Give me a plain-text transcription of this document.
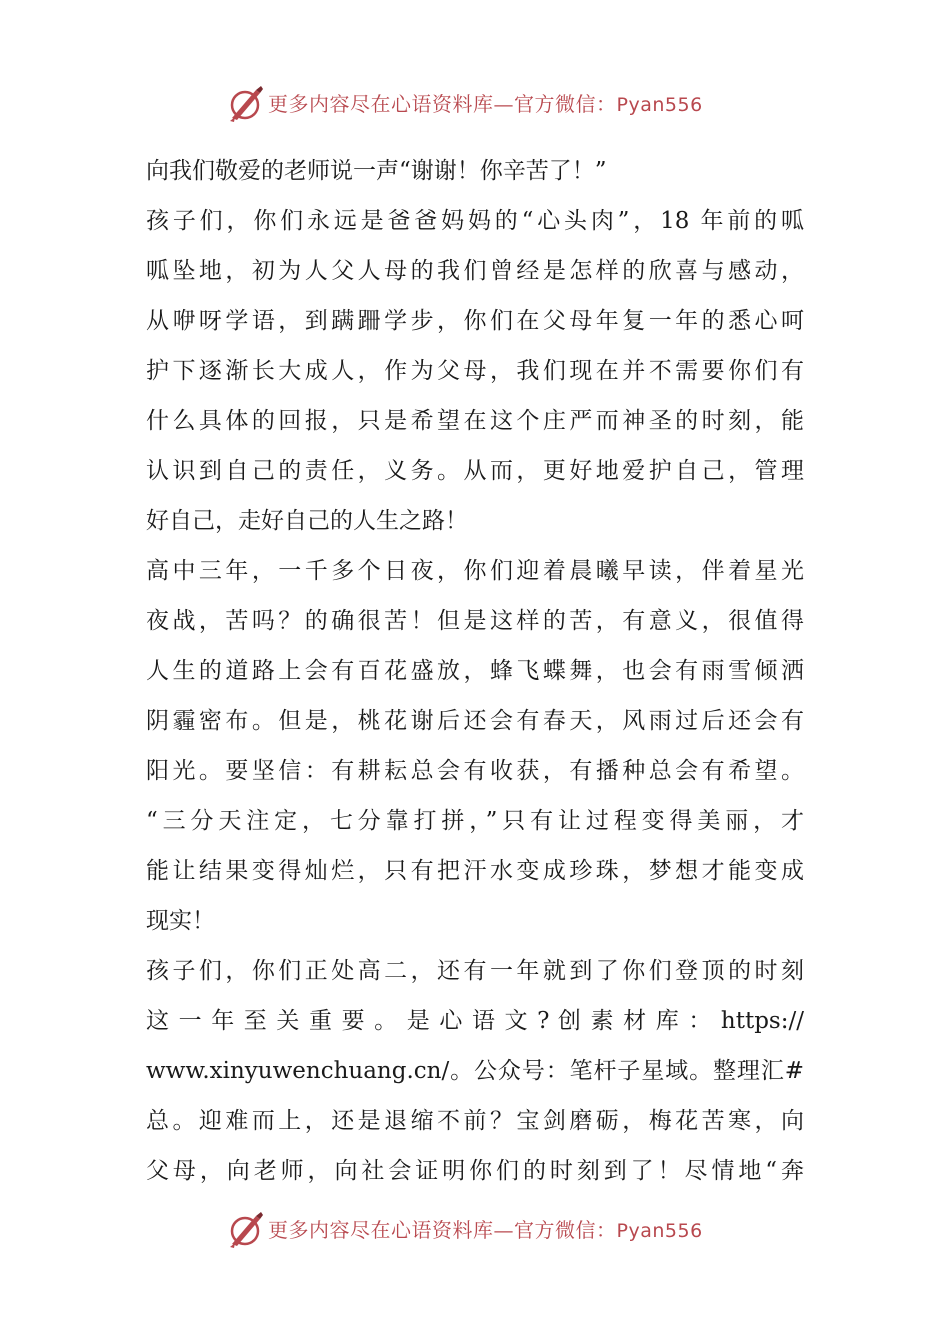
更多内容尽在心语资料库—官方微信：Pyan556
向我们敬爱的老师说一声“谢谢！你辛苦了！”
孩子们，你们永远是爸爸妈妈的“心头肉”，18 年前的呱
呱坠地，初为人父人母的我们曾经是怎样的欣喜与感动，
从咿呀学语，到蹒跚学步，你们在父母年复一年的悉心呵
护下逐渐长大成人，作为父母，我们现在并不需要你们有
什么具体的回报，只是希望在这个庄严而神圣的时刻，能
认识到自己的责任，义务。从而，更好地爱护自己，管理
好自己，走好自己的人生之路！
高中三年，一千多个日夜，你们迎着晨曦早读，伴着星光
夜战，苦吗？的确很苦！但是这样的苦，有意义，很值得
人生的道路上会有百花盛放，蜂飞蝶舞，也会有雨雪倾洒
阴霾密布。但是，桃花谢后还会有春天，风雨过后还会有
阳光。要坚信：有耕耘总会有收获，有播种总会有希望。
“三分天注定，七分靠打拼，”只有让过程变得美丽，才
能让结果变得灿烂，只有把汗水变成珍珠，梦想才能变成
现实！
孩子们，你们正处高二，还有一年就到了你们登顶的时刻
这 一 年 至 关 重 要 。 是 心 语 文 ? 创 素 材 库 ： https://
www.xinyuwenchuang.cn/。公众号：笔杆子星域。整理汇#
总。迎难而上，还是退缩不前？宝剑磨砺，梅花苦寒，向
父母，向老师，向社会证明你们的时刻到了！尽情地“奔
更多内容尽在心语资料库—官方微信：Pyan556
